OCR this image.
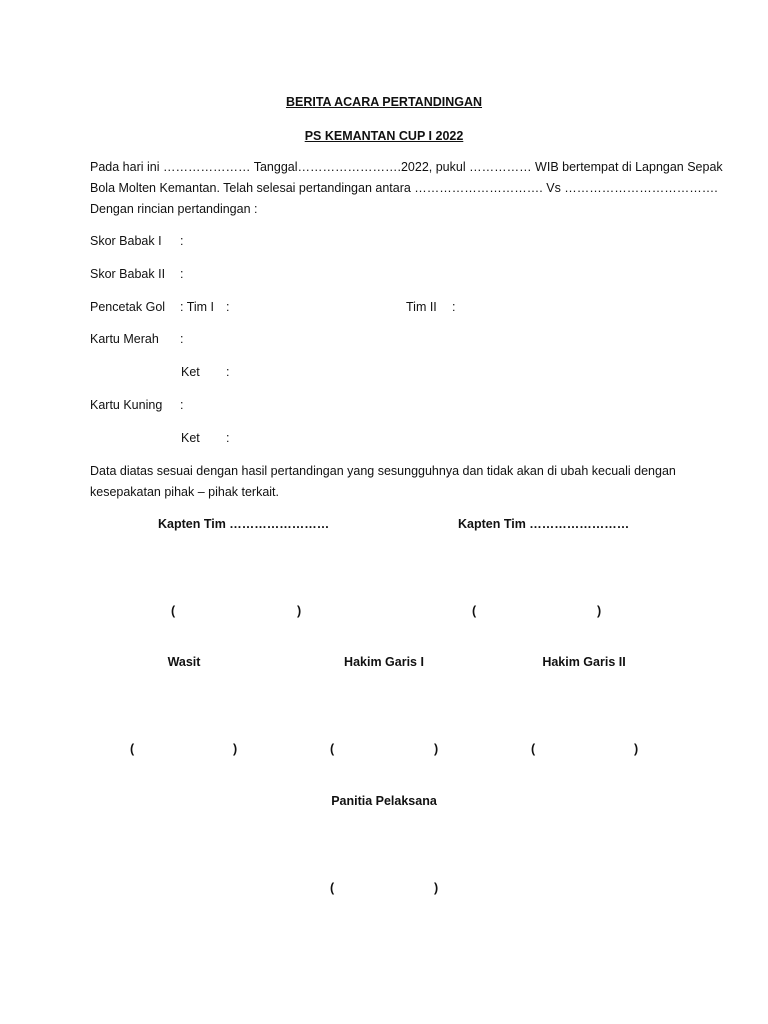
BERITA ACARA PERTANDINGAN
PS KEMANTAN CUP I 2022
Pada hari ini ………………… Tanggal…………………….2022, pukul …………… WIB bertempat di Lapngan Sepak
Bola Molten Kemantan. Telah selesai pertandingan antara …………………………. Vs ……………………………….
Dengan rincian pertandingan :
Skor Babak I :
Skor Babak II :
Pencetak Gol : Tim I :	Tim II :
Kartu Merah :
Ket :
Kartu Kuning :
Ket :
Data diatas sesuai dengan hasil pertandingan yang sesungguhnya dan tidak akan di ubah kecuali dengan
kesepakatan pihak – pihak terkait.
Kapten Tim ……………………	Kapten Tim ……………………
(	)	(	)
Wasit	Hakim Garis I	Hakim Garis II
(	)	(	)	(	)
Panitia Pelaksana
(	)
